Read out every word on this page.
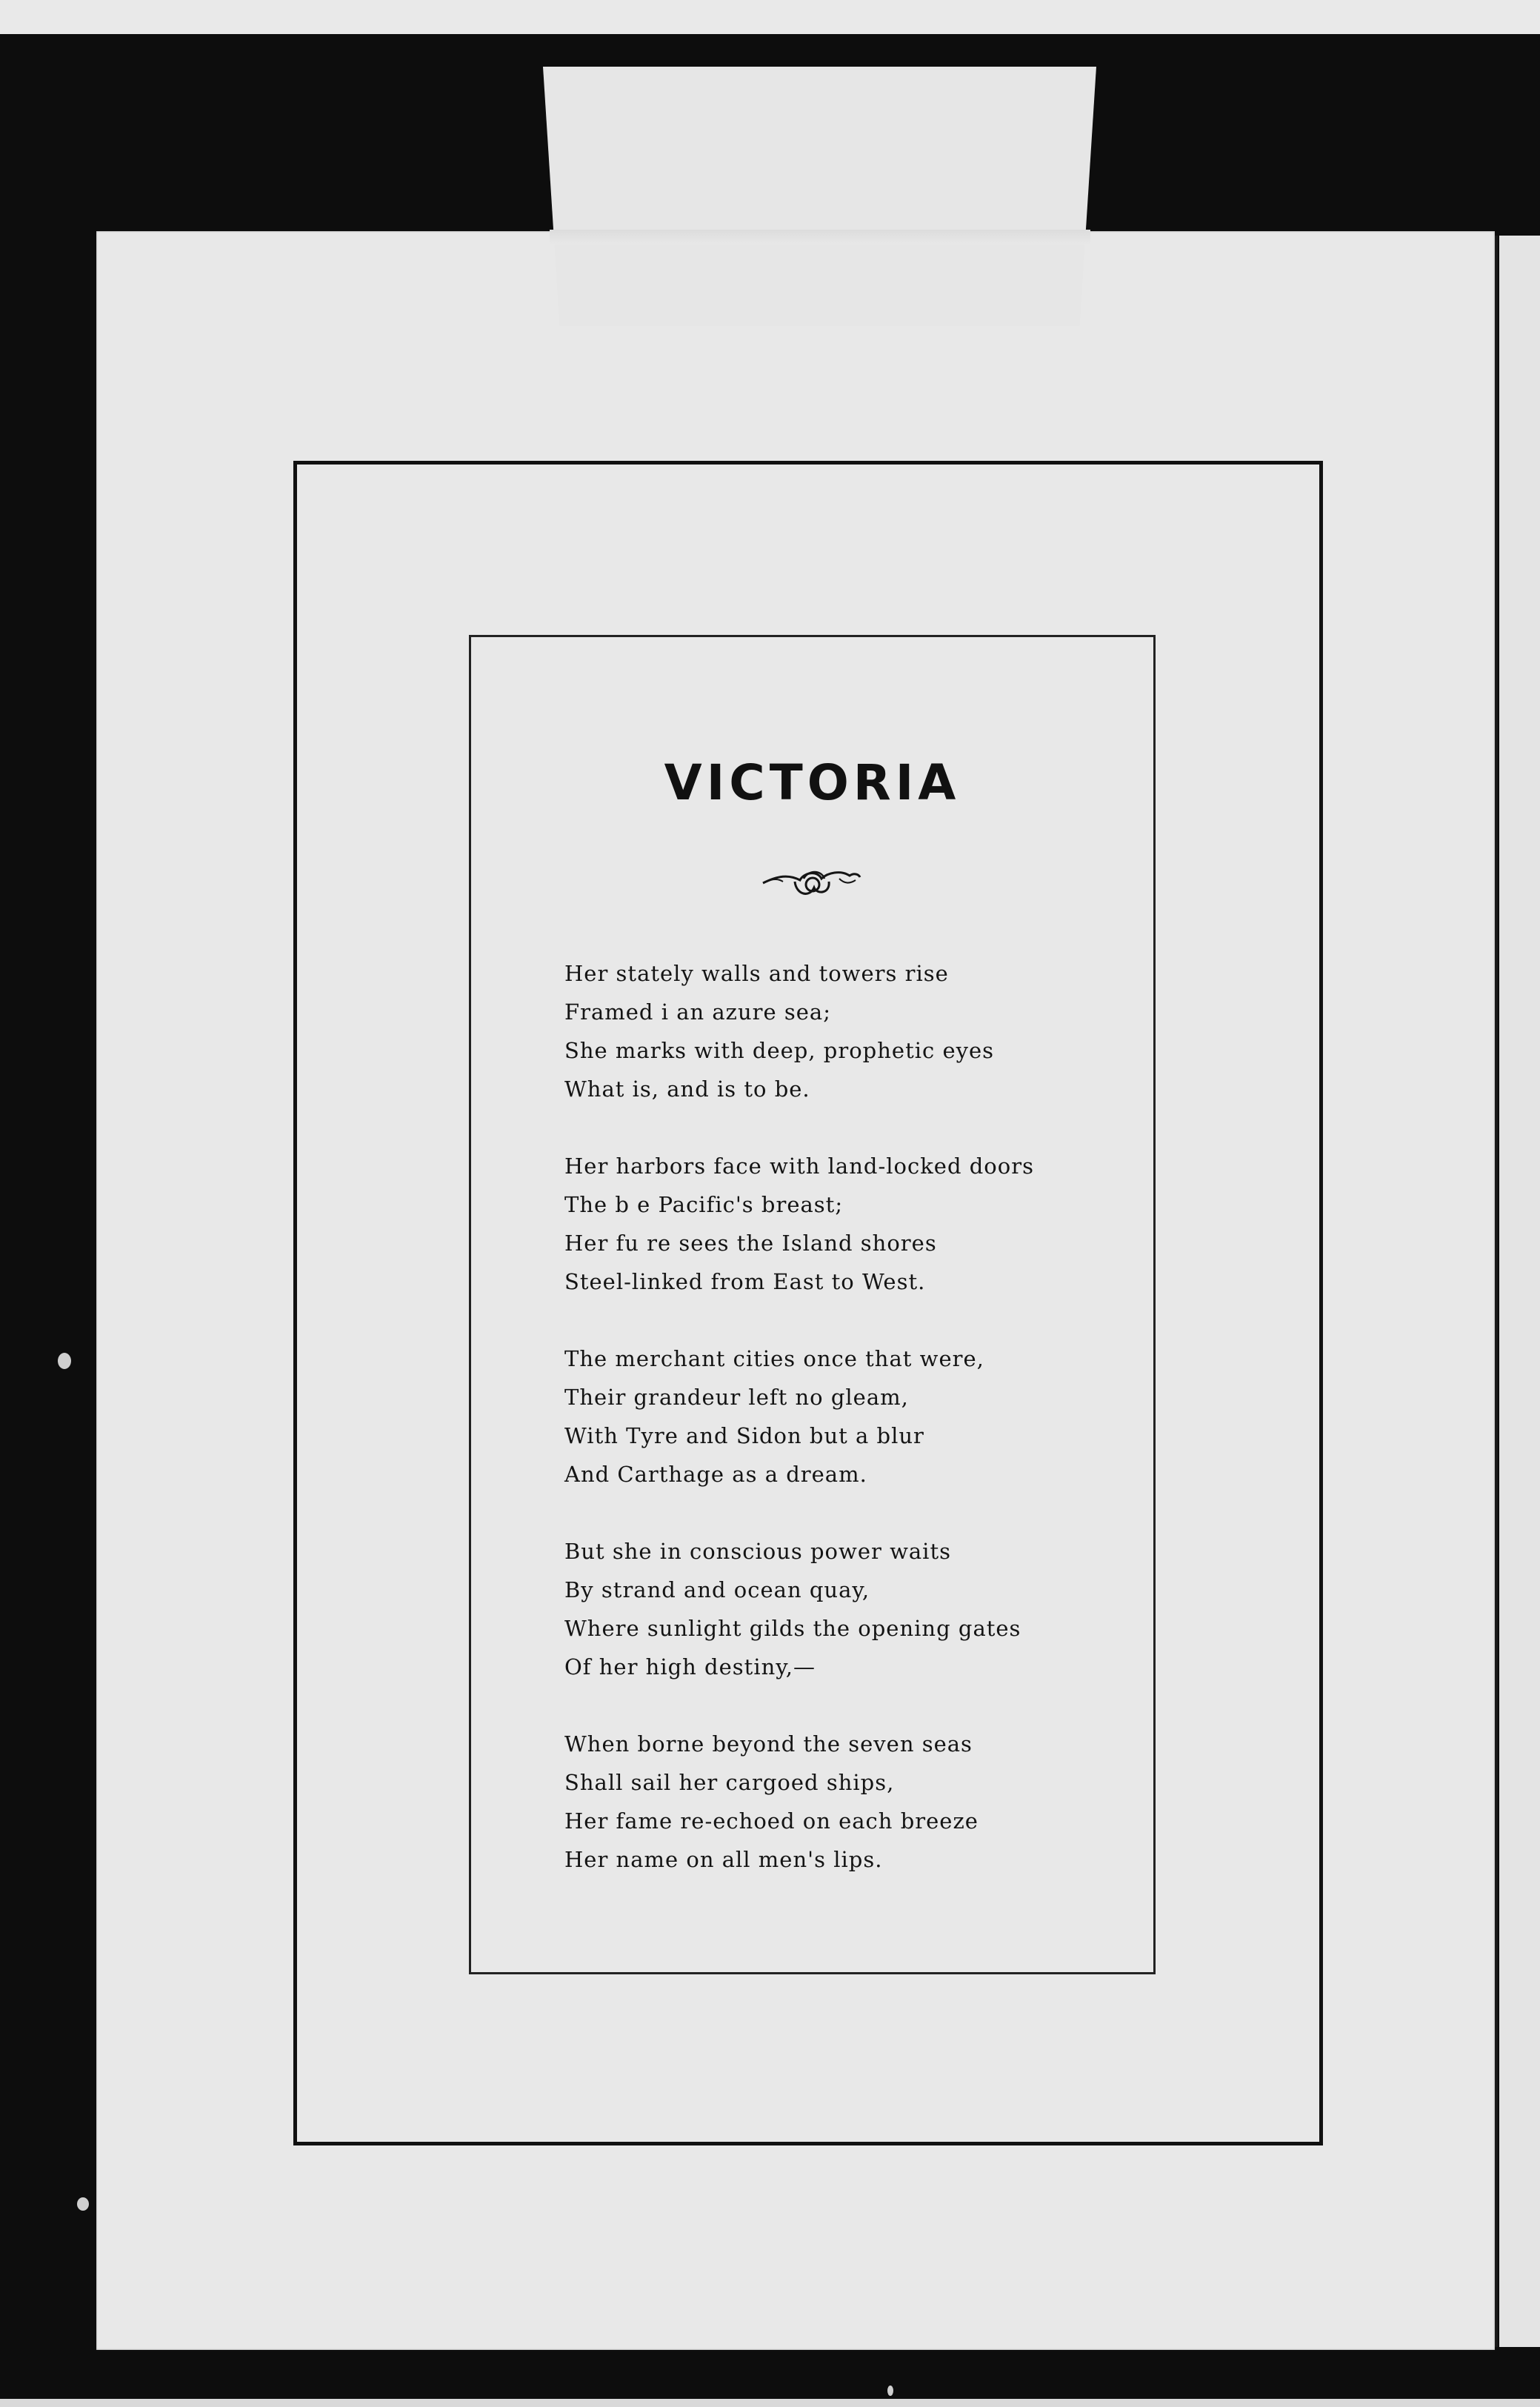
VICTORIA
Her stately walls and towers rise
Framed i an azure sea;
She marks with deep, prophetic eyes
What is, and is to be.
Her harbors face with land-locked doors
The b e Pacific's breast;
Her fu re sees the Island shores
Steel-linked from East to West.
The merchant cities once that were,
Their grandeur left no gleam,
With Tyre and Sidon but a blur
And Carthage as a dream.
But she in conscious power waits
By strand and ocean quay,
Where sunlight gilds the opening gates
Of her high destiny,—
When borne beyond the seven seas
Shall sail her cargoed ships,
Her fame re-echoed on each breeze
Her name on all men's lips.
